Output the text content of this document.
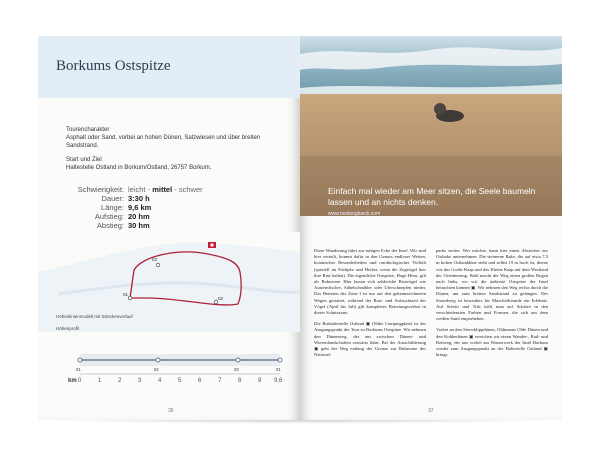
Borkums Ostspitze
Tourencharakter
Asphalt oder Sand, vorbei an hohen Dünen, Salzwiesen und über breiten Sandstrand.
Start und Ziel
Haltestelle Ostland in Borkum/Ostland, 26757 Borkum.
Schwierigkeit: leicht - mittel - schwer
Dauer: 3:30 h
Länge: 9,6 km
Aufstieg: 20 hm
Abstieg: 30 hm
01
03
02
Höhenlinienmodell mit Streckenverlauf
Höhenprofil
01	02	03	01
km 0	1	2	3	4	5	6	7	8	9 9,6
36
Einfach mal wieder am Meer sitzen, die Seele baumeln lassen und an nichts denken.
www.nestenglueck.com

Diese Wanderung führt zur ruhigen Ecke der Insel. Wir sind hier verteilt, kommt dafür in den Genuss endloser Weiten, botanischer Besonderheiten und ornithologischer Vielfalt (speziell im Frühjahr und Herbst, wenn die Zugvögel hier ihre Rast halten). Die eigentliche Ostspitze, Hoge Hörn, gilt als Ruhezone. Hier lassen sich zahlreiche Brutvögel wie Austernfischer, Säbelschnäbler oder Uferschnepfen nieder. Das Betreten der Zone I ist nur auf den gekennzeichneten Wegen gestattet, während der Brut- und Aufzuchtzeit der Vögel (April bis Juli) gilt komplettes Betretungsverbot in dieser Schutzzone.

Die Bushaltestelle Ostland ▣ (Nähe Campingplatz) ist der Ausgangspunkt der Tour zu Borkums Ostspitze. Wir nehmen den Dünenweg, der am zwischen Dünen- und Wiesenlandschaften ostwärts führt. Bei der Ausschilderung ▣ geht der Weg entlang der Grenze zur Ruhezone des National-

parks weiter. Wer möchte, kann hier einen Abstecher zur Ostbake unternehmen. Die steinerne Bake, die auf etwa 7,5 m hohen Ostlanddüne steht und selbst 19 m hoch ist, diente wie das Große Kaap und das Kleine Kaap auf dem Westland der Orientierung. Bald macht der Weg einen großen Bogen nach links, wo wir die äußerste Ostspitze der Insel betrachten können ▣. Wir nehmen den Weg rechts durch die Dünen, um zum breiten Sandstrand zu gelangen. Der Strandweg ist besonders für Muschelfreunde ein Erlebnis. Auf Schritt und Tritt trifft man auf Schätze in den verschiedensten Farben und Formen, die sich aus dem weißen Sand emporheben.

Vorbei an den Sterrsklippdünen, Oldmanns Olde Dünen und den Kobbedünen ▣ erreichen wir einen Wander-, Rad- und Reitweg, der uns vorbei am Wasserwerk der Insel Borkum wieder zum Ausgangspunkt an der Haltestelle Ostland ▣ bringt.

37
